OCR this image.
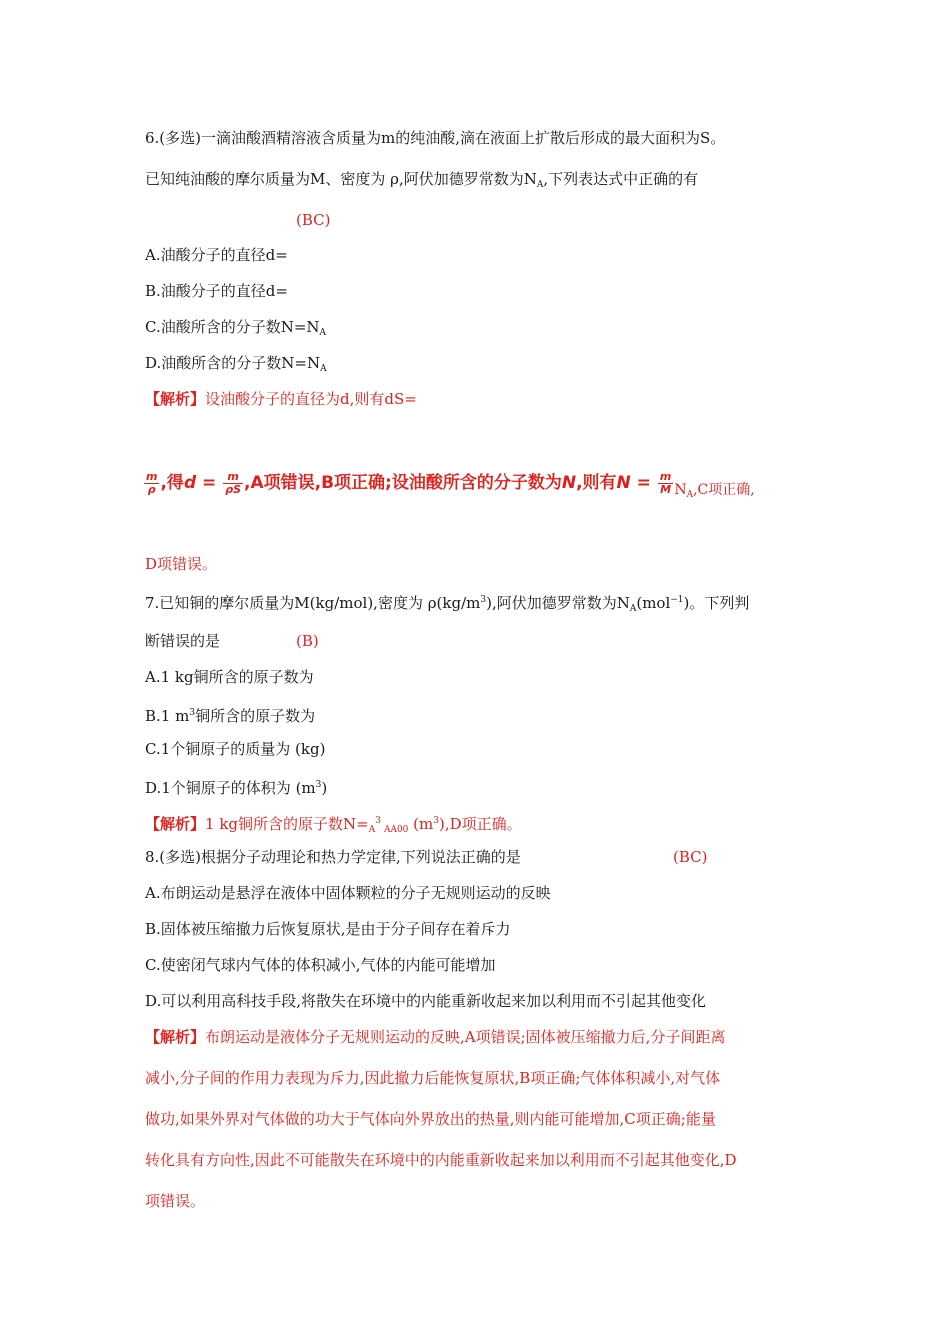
6.(多选)一滴油酸酒精溶液含质量为m的纯油酸,滴在液面上扩散后形成的最大面积为S。
已知纯油酸的摩尔质量为M、密度为 ρ,阿伏加德罗常数为$N_A$,下列表达式中正确的有
(BC)
A.油酸分子的直径d=
B.油酸分子的直径d=
C.油酸所含的分子数$N=N_A$
D.油酸所含的分子数$N=N_A$
【解析】设油酸分子的直径为d,则有dS=
$\frac{m}{\rho}$ ,得$d = \frac{m}{\rho S} ,A$项错误,B项正确;设油酸所含的分子数为N,则有$N = \frac{m}{M} _{N_A,C项正确,}$
D项错误。
7.已知铜的摩尔质量为M(kg/mol),密度为 $\rho(kg/m^3)$,阿伏加德罗常数为$N_A(mol^{-1})$。下列判
断错误的是	(B)
A.1 kg铜所含的原子数为
B.1 $m^3$铜所含的原子数为
C.1个铜原子的质量为 (kg)
D.1个铜原子的体积为 $(m^3)$
【解析】1 kg铜所含的原子数$N=_A^3_{AA00}$ $(m^3),D$项正确。
8.(多选)根据分子动理论和热力学定律,下列说法正确的是	(BC)
A.布朗运动是悬浮在液体中固体颗粒的分子无规则运动的反映
B.固体被压缩撤力后恢复原状,是由于分子间存在着斥力
C.使密闭气球内气体的体积减小,气体的内能可能增加
D.可以利用高科技手段,将散失在环境中的内能重新收起来加以利用而不引起其他变化
【解析】布朗运动是液体分子无规则运动的反映,A项错误;固体被压缩撤力后,分子间距离
减小,分子间的作用力表现为斥力,因此撤力后能恢复原状,B项正确;气体体积减小,对气体
做功,如果外界对气体做的功大于气体向外界放出的热量,则内能可能增加,C项正确;能量
转化具有方向性,因此不可能散失在环境中的内能重新收起来加以利用而不引起其他变化,D
项错误。
